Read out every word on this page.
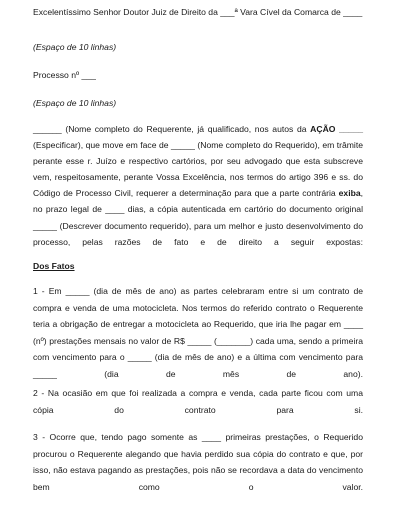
Excelentíssimo Senhor Doutor Juiz de Direito da ___ª Vara Cível da Comarca de ____

(Espaço de 10 linhas)

Processo nº ___

(Espaço de 10 linhas)

______ (Nome completo do Requerente, já qualificado, nos autos da AÇÃO _____ (Especificar), que move em face de _____ (Nome completo do Requerido), em trâmite perante esse r. Juízo e respectivo cartórios, por seu advogado que esta subscreve vem, respeitosamente, perante Vossa Excelência, nos termos do artigo 396 e ss. do Código de Processo Civil, requerer a determinação para que a parte contrária exiba, no prazo legal de ____ dias, a cópia autenticada em cartório do documento original _____ (Descrever documento requerido), para um melhor e justo desenvolvimento do processo, pelas razões de fato e de direito a seguir expostas:

Dos Fatos

1 - Em _____ (dia de mês de ano) as partes celebraram entre si um contrato de compra e venda de uma motocicleta. Nos termos do referido contrato o Requerente teria a obrigação de entregar a motocicleta ao Requerido, que iria lhe pagar em ____ (nº) prestações mensais no valor de R$ _____ (_______) cada uma, sendo a primeira com vencimento para o _____ (dia de mês de ano) e a última com vencimento para _____ (dia de mês de ano).

2 - Na ocasião em que foi realizada a compra e venda, cada parte ficou com uma cópia do contrato para si.

3 - Ocorre que, tendo pago somente as ____ primeiras prestações, o Requerido procurou o Requerente alegando que havia perdido sua cópia do contrato e que, por isso, não estava pagando as prestações, pois não se recordava a data do vencimento bem como o valor.
